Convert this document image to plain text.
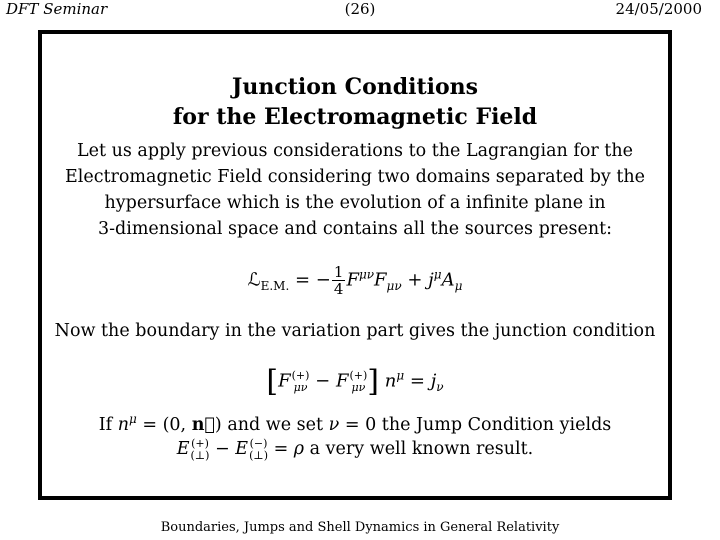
DFT Seminar	(26)	24/05/2000
Junction Conditions
for the Electromagnetic Field
Let us apply previous considerations to the Lagrangian for the
Electromagnetic Field considering two domains separated by the
hypersurface which is the evolution of a infinite plane in
3-dimensional space and contains all the sources present:
ℒ$_{E.M.}$ = − $\frac{1}{4} F^{\mu\nu}F_{\mu\nu} + j^\mu A_\mu$
Now the boundary in the variation part gives the junction condition
[F (+)
μν − F (+)
μν ] $n^\mu = j_\nu$
If $n^\mu = (0$, n⃗) and we set ν = 0 the Jump Condition yields
E (+)
(⊥) − E (−)
(⊥) = ρ a very well known result.
Boundaries, Jumps and Shell Dynamics in General Relativity
